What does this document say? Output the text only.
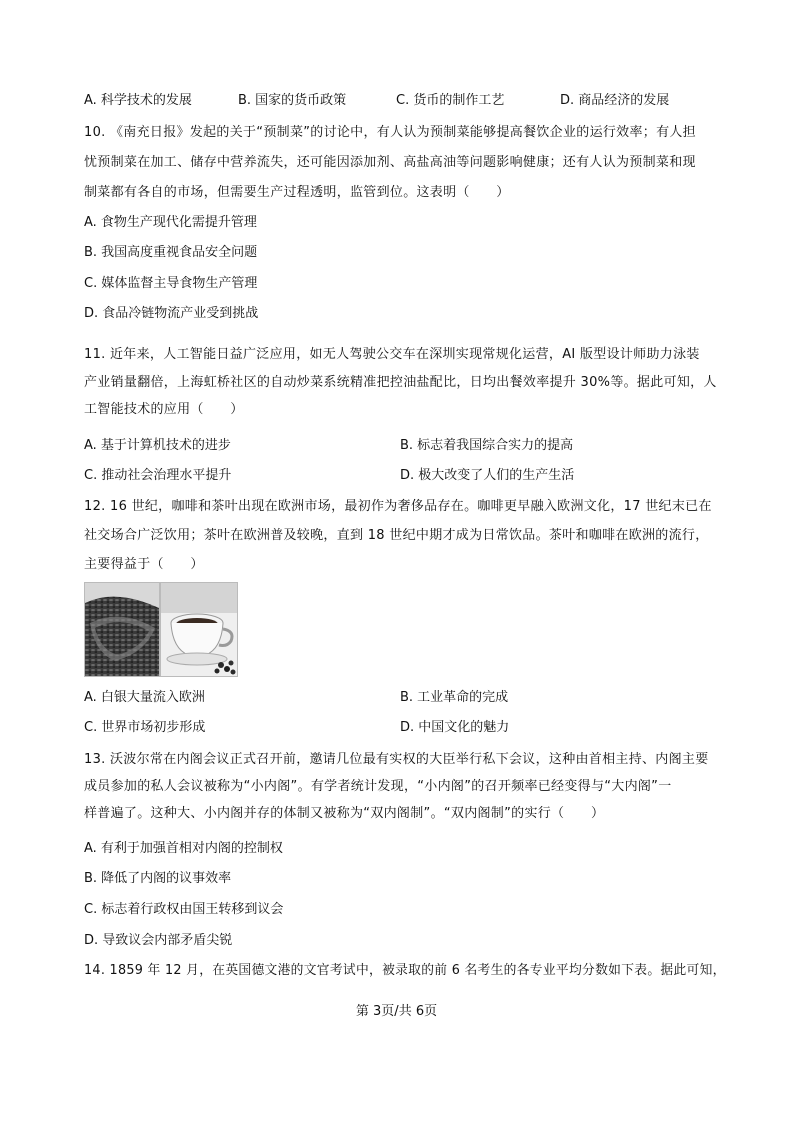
A. 科学技术的发展	B. 国家的货币政策	C. 货币的制作工艺	D. 商品经济的发展
10. 《南充日报》发起的关于“预制菜”的讨论中，有人认为预制菜能够提高餐饮企业的运行效率；有人担
忧预制菜在加工、储存中营养流失，还可能因添加剂、高盐高油等问题影响健康；还有人认为预制菜和现
制菜都有各自的市场，但需要生产过程透明，监管到位。这表明（　　）
A. 食物生产现代化需提升管理
B. 我国高度重视食品安全问题
C. 媒体监督主导食物生产管理
D. 食品冷链物流产业受到挑战
11. 近年来，人工智能日益广泛应用，如无人驾驶公交车在深圳实现常规化运营，AI 版型设计师助力泳装
产业销量翻倍，上海虹桥社区的自动炒菜系统精准把控油盐配比，日均出餐效率提升 30%等。据此可知，人
工智能技术的应用（　　）
A. 基于计算机技术的进步	B. 标志着我国综合实力的提高
C. 推动社会治理水平提升	D. 极大改变了人们的生产生活
12. 16 世纪，咖啡和茶叶出现在欧洲市场，最初作为奢侈品存在。咖啡更早融入欧洲文化，17 世纪末已在
社交场合广泛饮用；茶叶在欧洲普及较晚，直到 18 世纪中期才成为日常饮品。茶叶和咖啡在欧洲的流行，
主要得益于（　　）
A. 白银大量流入欧洲	B. 工业革命的完成
C. 世界市场初步形成	D. 中国文化的魅力
13. 沃波尔常在内阁会议正式召开前，邀请几位最有实权的大臣举行私下会议，这种由首相主持、内阁主要
成员参加的私人会议被称为“小内阁”。有学者统计发现，“小内阁”的召开频率已经变得与“大内阁”一
样普遍了。这种大、小内阁并存的体制又被称为“双内阁制”。“双内阁制”的实行（　　）
A. 有利于加强首相对内阁的控制权
B. 降低了内阁的议事效率
C. 标志着行政权由国王转移到议会
D. 导致议会内部矛盾尖锐
14. 1859 年 12 月，在英国德文港的文官考试中，被录取的前 6 名考生的各专业平均分数如下表。据此可知，
第 3页/共 6页
